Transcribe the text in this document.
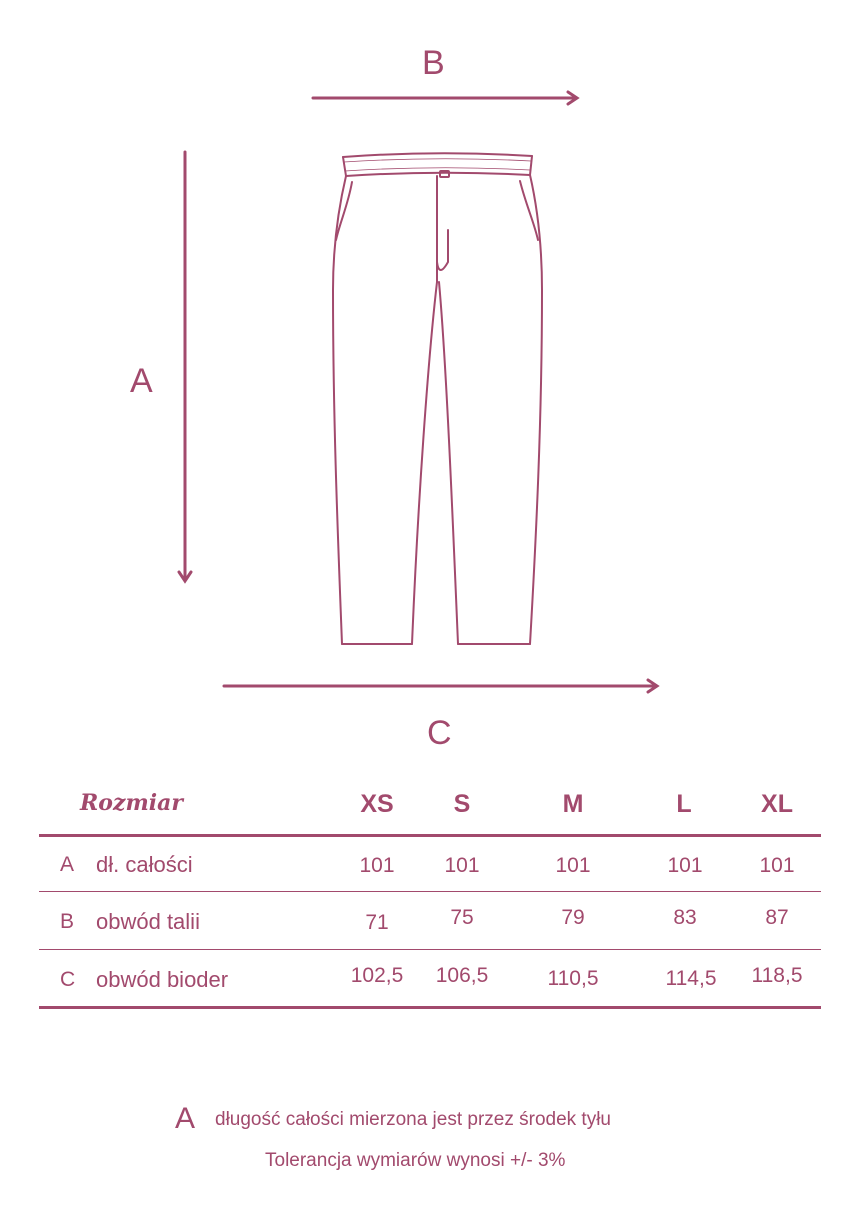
B
A
C
Rozmiar	XS	S	M	L	XL
A dł. całości	101	101	101	101	101
B obwód talii	71	75	79	83	87
C obwód bioder	102,5	106,5	110,5	114,5	118,5
A długość całości mierzona jest przez środek tyłu
Tolerancja wymiarów wynosi +/- 3%
